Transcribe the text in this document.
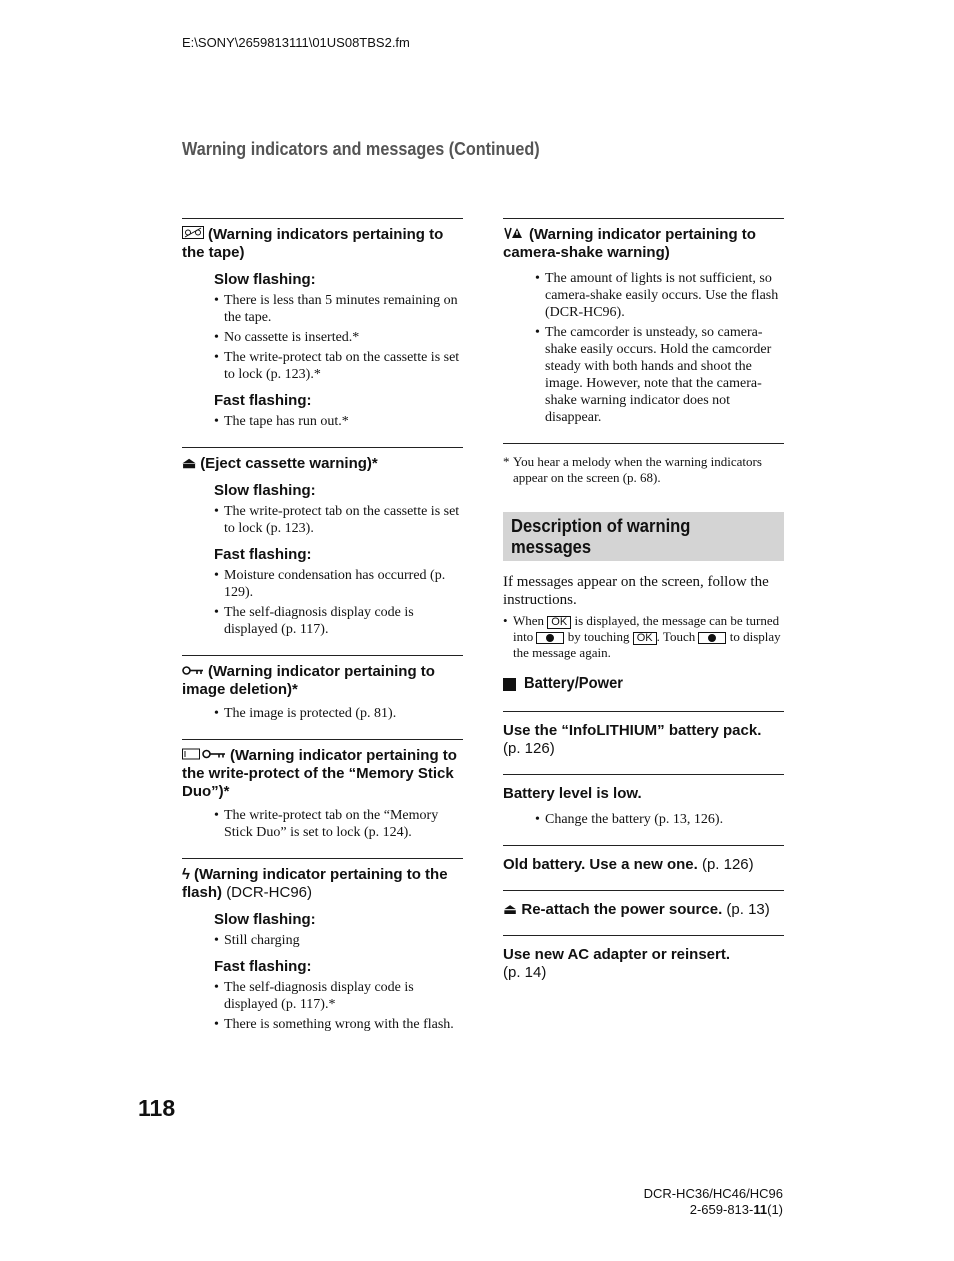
E:\SONY\2659813111\01US08TBS2.fm
Warning indicators and messages (Continued)

(Warning indicators pertaining to the tape)

Slow flashing:
• There is less than 5 minutes remaining on the tape.
• No cassette is inserted.*
• The write-protect tab on the cassette is set to lock (p. 123).*
Fast flashing:
• The tape has run out.*

⏏ (Eject cassette warning)*

Slow flashing:
• The write-protect tab on the cassette is set to lock (p. 123).
Fast flashing:
• Moisture condensation has occurred (p. 129).
• The self-diagnosis display code is displayed (p. 117).

(Warning indicator pertaining to image deletion)*

• The image is protected (p. 81).

(Warning indicator pertaining to the write-protect of the “Memory Stick Duo”)*

• The write-protect tab on the “Memory Stick Duo” is set to lock (p. 124).

ϟ (Warning indicator pertaining to the flash) (DCR-HC96)

Slow flashing:
• Still charging
Fast flashing:
• The self-diagnosis display code is displayed (p. 117).*
• There is something wrong with the flash.

(Warning indicator pertaining to camera-shake warning)

• The amount of lights is not sufficient, so camera-shake easily occurs. Use the flash (DCR-HC96).
• The camcorder is unsteady, so camera-shake easily occurs. Hold the camcorder steady with both hands and shoot the image. However, note that the camera-shake warning indicator does not disappear.
* You hear a melody when the warning indicators appear on the screen (p. 68).
Description of warning messages
If messages appear on the screen, follow the instructions.
• When OK is displayed, the message can be turned into	by touching OK . Touch	to display the message again.
Battery/Power
Use the “InfoLITHIUM” battery pack.
(p. 126)
Battery level is low.
• Change the battery (p. 13, 126).
Old battery. Use a new one. (p. 126)
⏏ Re-attach the power source. (p. 13)
Use new AC adapter or reinsert.
(p. 14)
118
DCR-HC36/HC46/HC96
2-659-813-11(1)
